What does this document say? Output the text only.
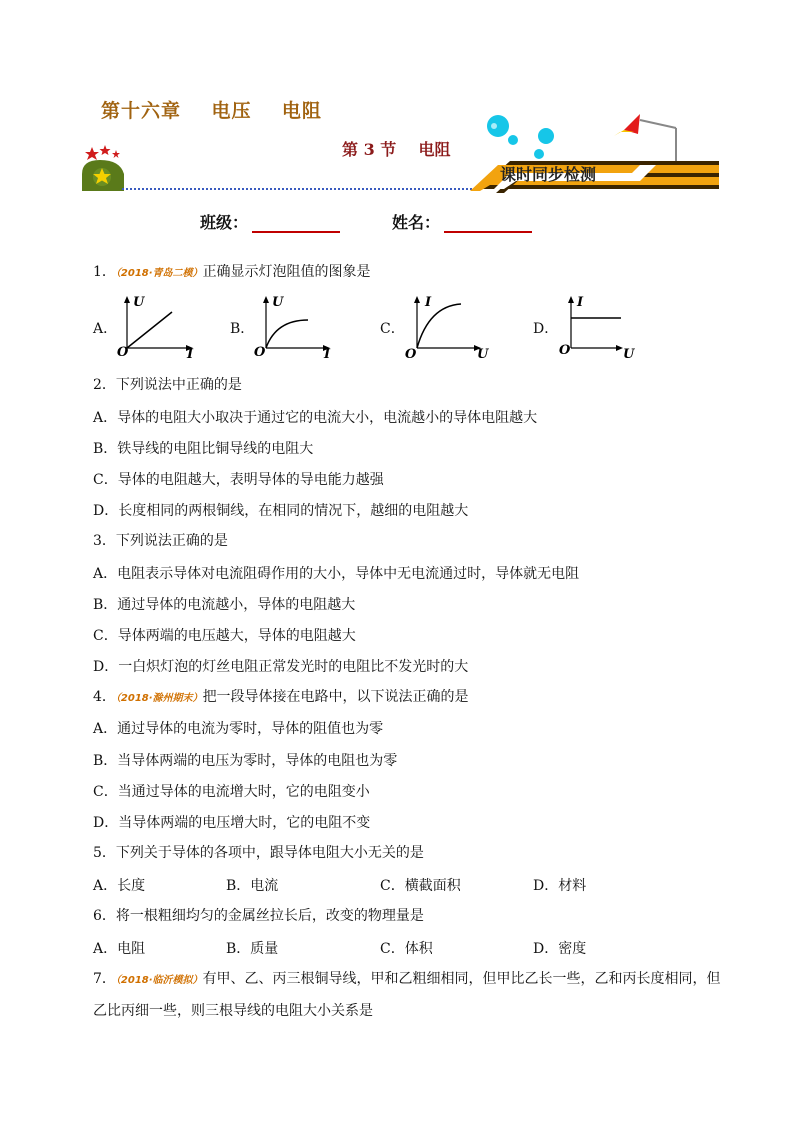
第十六章    电压    电阻
第 3 节    电阻
课时同步检测
班级：	姓名：
1．（2018·青岛二模）正确显示灯泡阻值的图象是
A．
U
O	I
B．
U
O	I
C．
I
O	U
D．
I
O	U
2．下列说法中正确的是
A．导体的电阻大小取决于通过它的电流大小，电流越小的导体电阻越大
B．铁导线的电阻比铜导线的电阻大
C．导体的电阻越大，表明导体的导电能力越强
D．长度相同的两根铜线，在相同的情况下，越细的电阻越大
3．下列说法正确的是
A．电阻表示导体对电流阻碍作用的大小，导体中无电流通过时，导体就无电阻
B．通过导体的电流越小，导体的电阻越大
C．导体两端的电压越大，导体的电阻越大
D．一白炽灯泡的灯丝电阻正常发光时的电阻比不发光时的大
4．（2018·滁州期末）把一段导体接在电路中，以下说法正确的是
A．通过导体的电流为零时，导体的阻值也为零
B．当导体两端的电压为零时，导体的电阻也为零
C．当通过导体的电流增大时，它的电阻变小
D．当导体两端的电压增大时，它的电阻不变
5．下列关于导体的各项中，跟导体电阻大小无关的是
A．长度	B．电流	C．横截面积	D．材料
6．将一根粗细均匀的金属丝拉长后，改变的物理量是
A．电阻	B．质量	C．体积	D．密度
7．（2018·临沂模拟）有甲、乙、丙三根铜导线，甲和乙粗细相同，但甲比乙长一些，乙和丙长度相同，但
乙比丙细一些，则三根导线的电阻大小关系是
